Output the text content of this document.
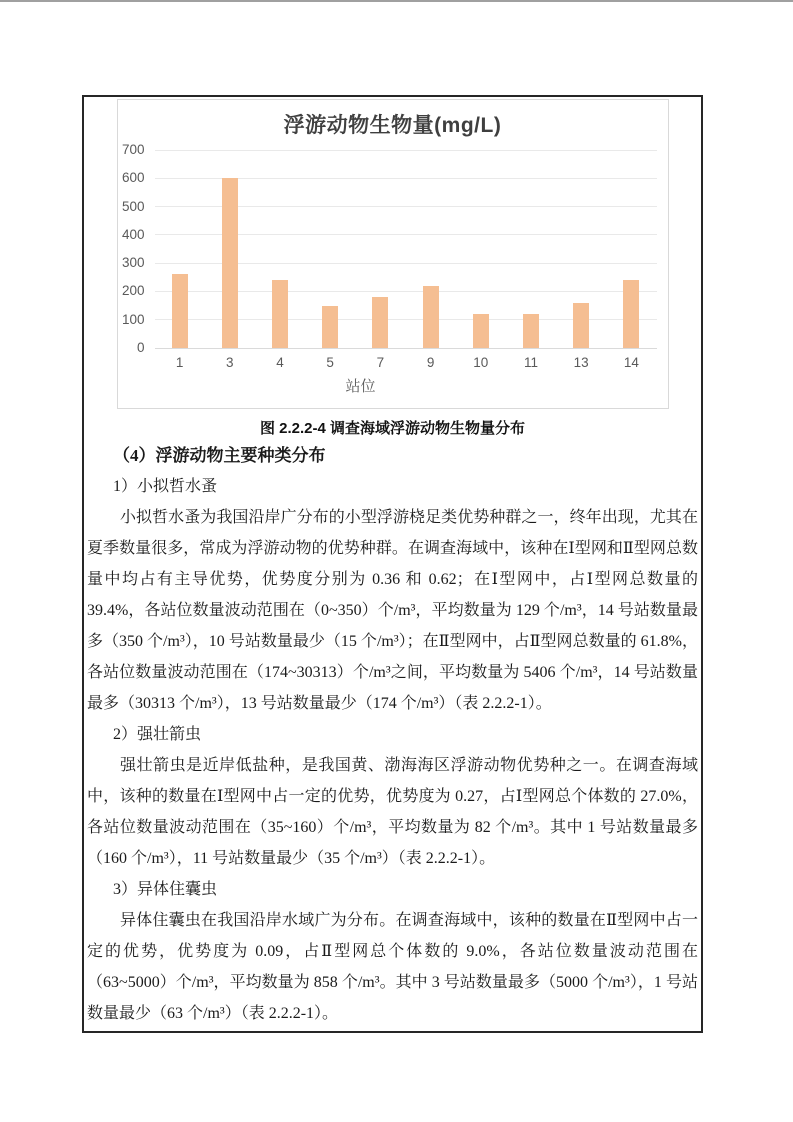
浮游动物生物量(mg/L)
0
100
200
300
400
500
600
700
1	3	4	5	7	9	10	11	13	14
站位

图 2.2.2-4 调查海域浮游动物生物量分布

（4）浮游动物主要种类分布

1）小拟哲水蚤

小拟哲水蚤为我国沿岸广分布的小型浮游桡足类优势种群之一，终年出现，尤其在夏季数量很多，常成为浮游动物的优势种群。在调查海域中，该种在Ⅰ型网和Ⅱ型网总数量中均占有主导优势，优势度分别为 0.36 和 0.62；在Ⅰ型网中，占Ⅰ型网总数量的 39.4%，各站位数量波动范围在（0~350）个/m³，平均数量为 129 个/m³，14 号站数量最多（350 个/m³），10 号站数量最少（15 个/m³）；在Ⅱ型网中，占Ⅱ型网总数量的 61.8%，各站位数量波动范围在（174~30313）个/m³之间，平均数量为 5406 个/m³，14 号站数量最多（30313 个/m³），13 号站数量最少（174 个/m³）（表 2.2.2-1）。

2）强壮箭虫

强壮箭虫是近岸低盐种，是我国黄、渤海海区浮游动物优势种之一。在调查海域中，该种的数量在Ⅰ型网中占一定的优势，优势度为 0.27，占Ⅰ型网总个体数的 27.0%，各站位数量波动范围在（35~160）个/m³，平均数量为 82 个/m³。其中 1 号站数量最多（160 个/m³），11 号站数量最少（35 个/m³）（表 2.2.2-1）。

3）异体住囊虫

异体住囊虫在我国沿岸水域广为分布。在调查海域中，该种的数量在Ⅱ型网中占一定的优势，优势度为 0.09，占Ⅱ型网总个体数的 9.0%，各站位数量波动范围在（63~5000）个/m³，平均数量为 858 个/m³。其中 3 号站数量最多（5000 个/m³），1 号站数量最少（63 个/m³）（表 2.2.2-1）。
